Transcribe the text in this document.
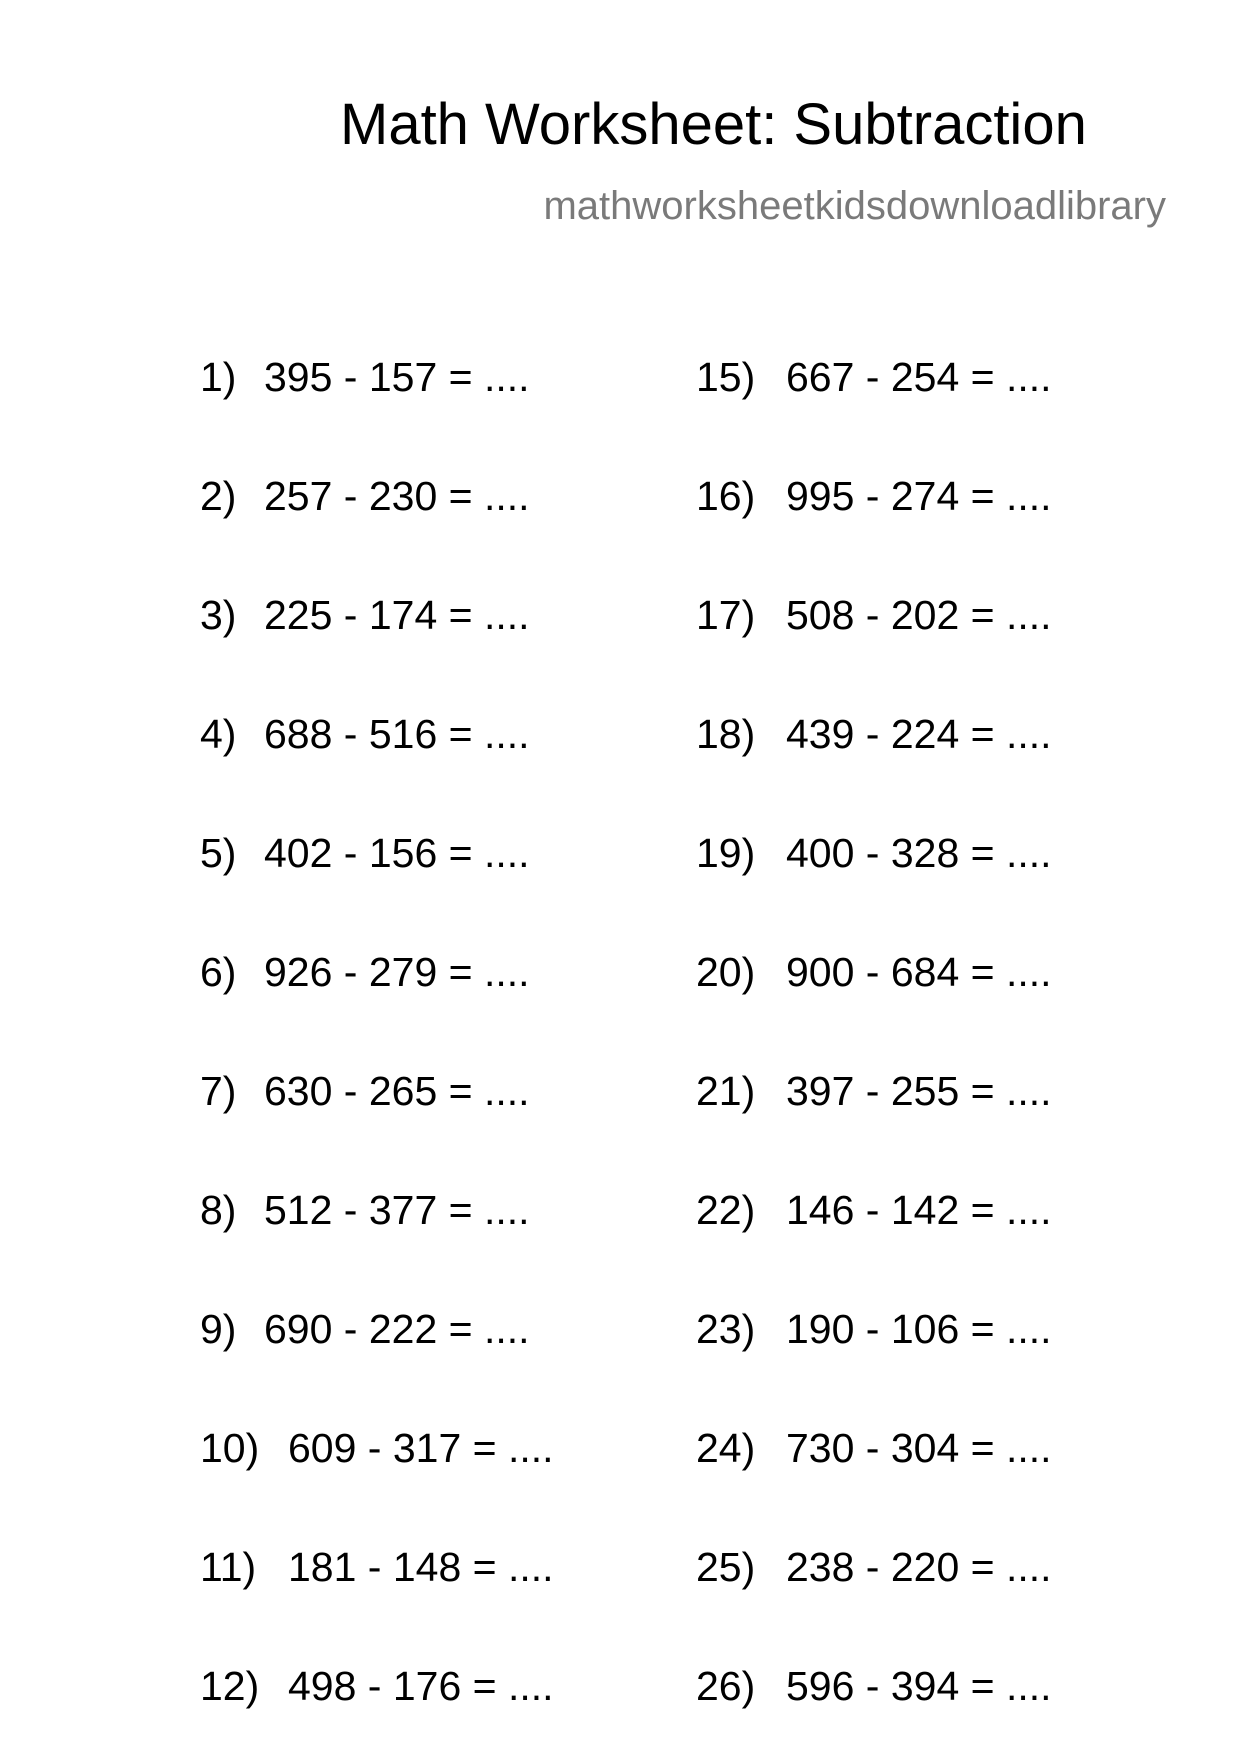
Math Worksheet: Subtraction
mathworksheetkidsdownloadlibrary
1) 395 - 157 = ....
2) 257 - 230 = ....
3) 225 - 174 = ....
4) 688 - 516 = ....
5) 402 - 156 = ....
6) 926 - 279 = ....
7) 630 - 265 = ....
8) 512 - 377 = ....
9) 690 - 222 = ....
10) 609 - 317 = ....
11) 181 - 148 = ....
12) 498 - 176 = ....
15) 667 - 254 = ....
16) 995 - 274 = ....
17) 508 - 202 = ....
18) 439 - 224 = ....
19) 400 - 328 = ....
20) 900 - 684 = ....
21) 397 - 255 = ....
22) 146 - 142 = ....
23) 190 - 106 = ....
24) 730 - 304 = ....
25) 238 - 220 = ....
26) 596 - 394 = ....
